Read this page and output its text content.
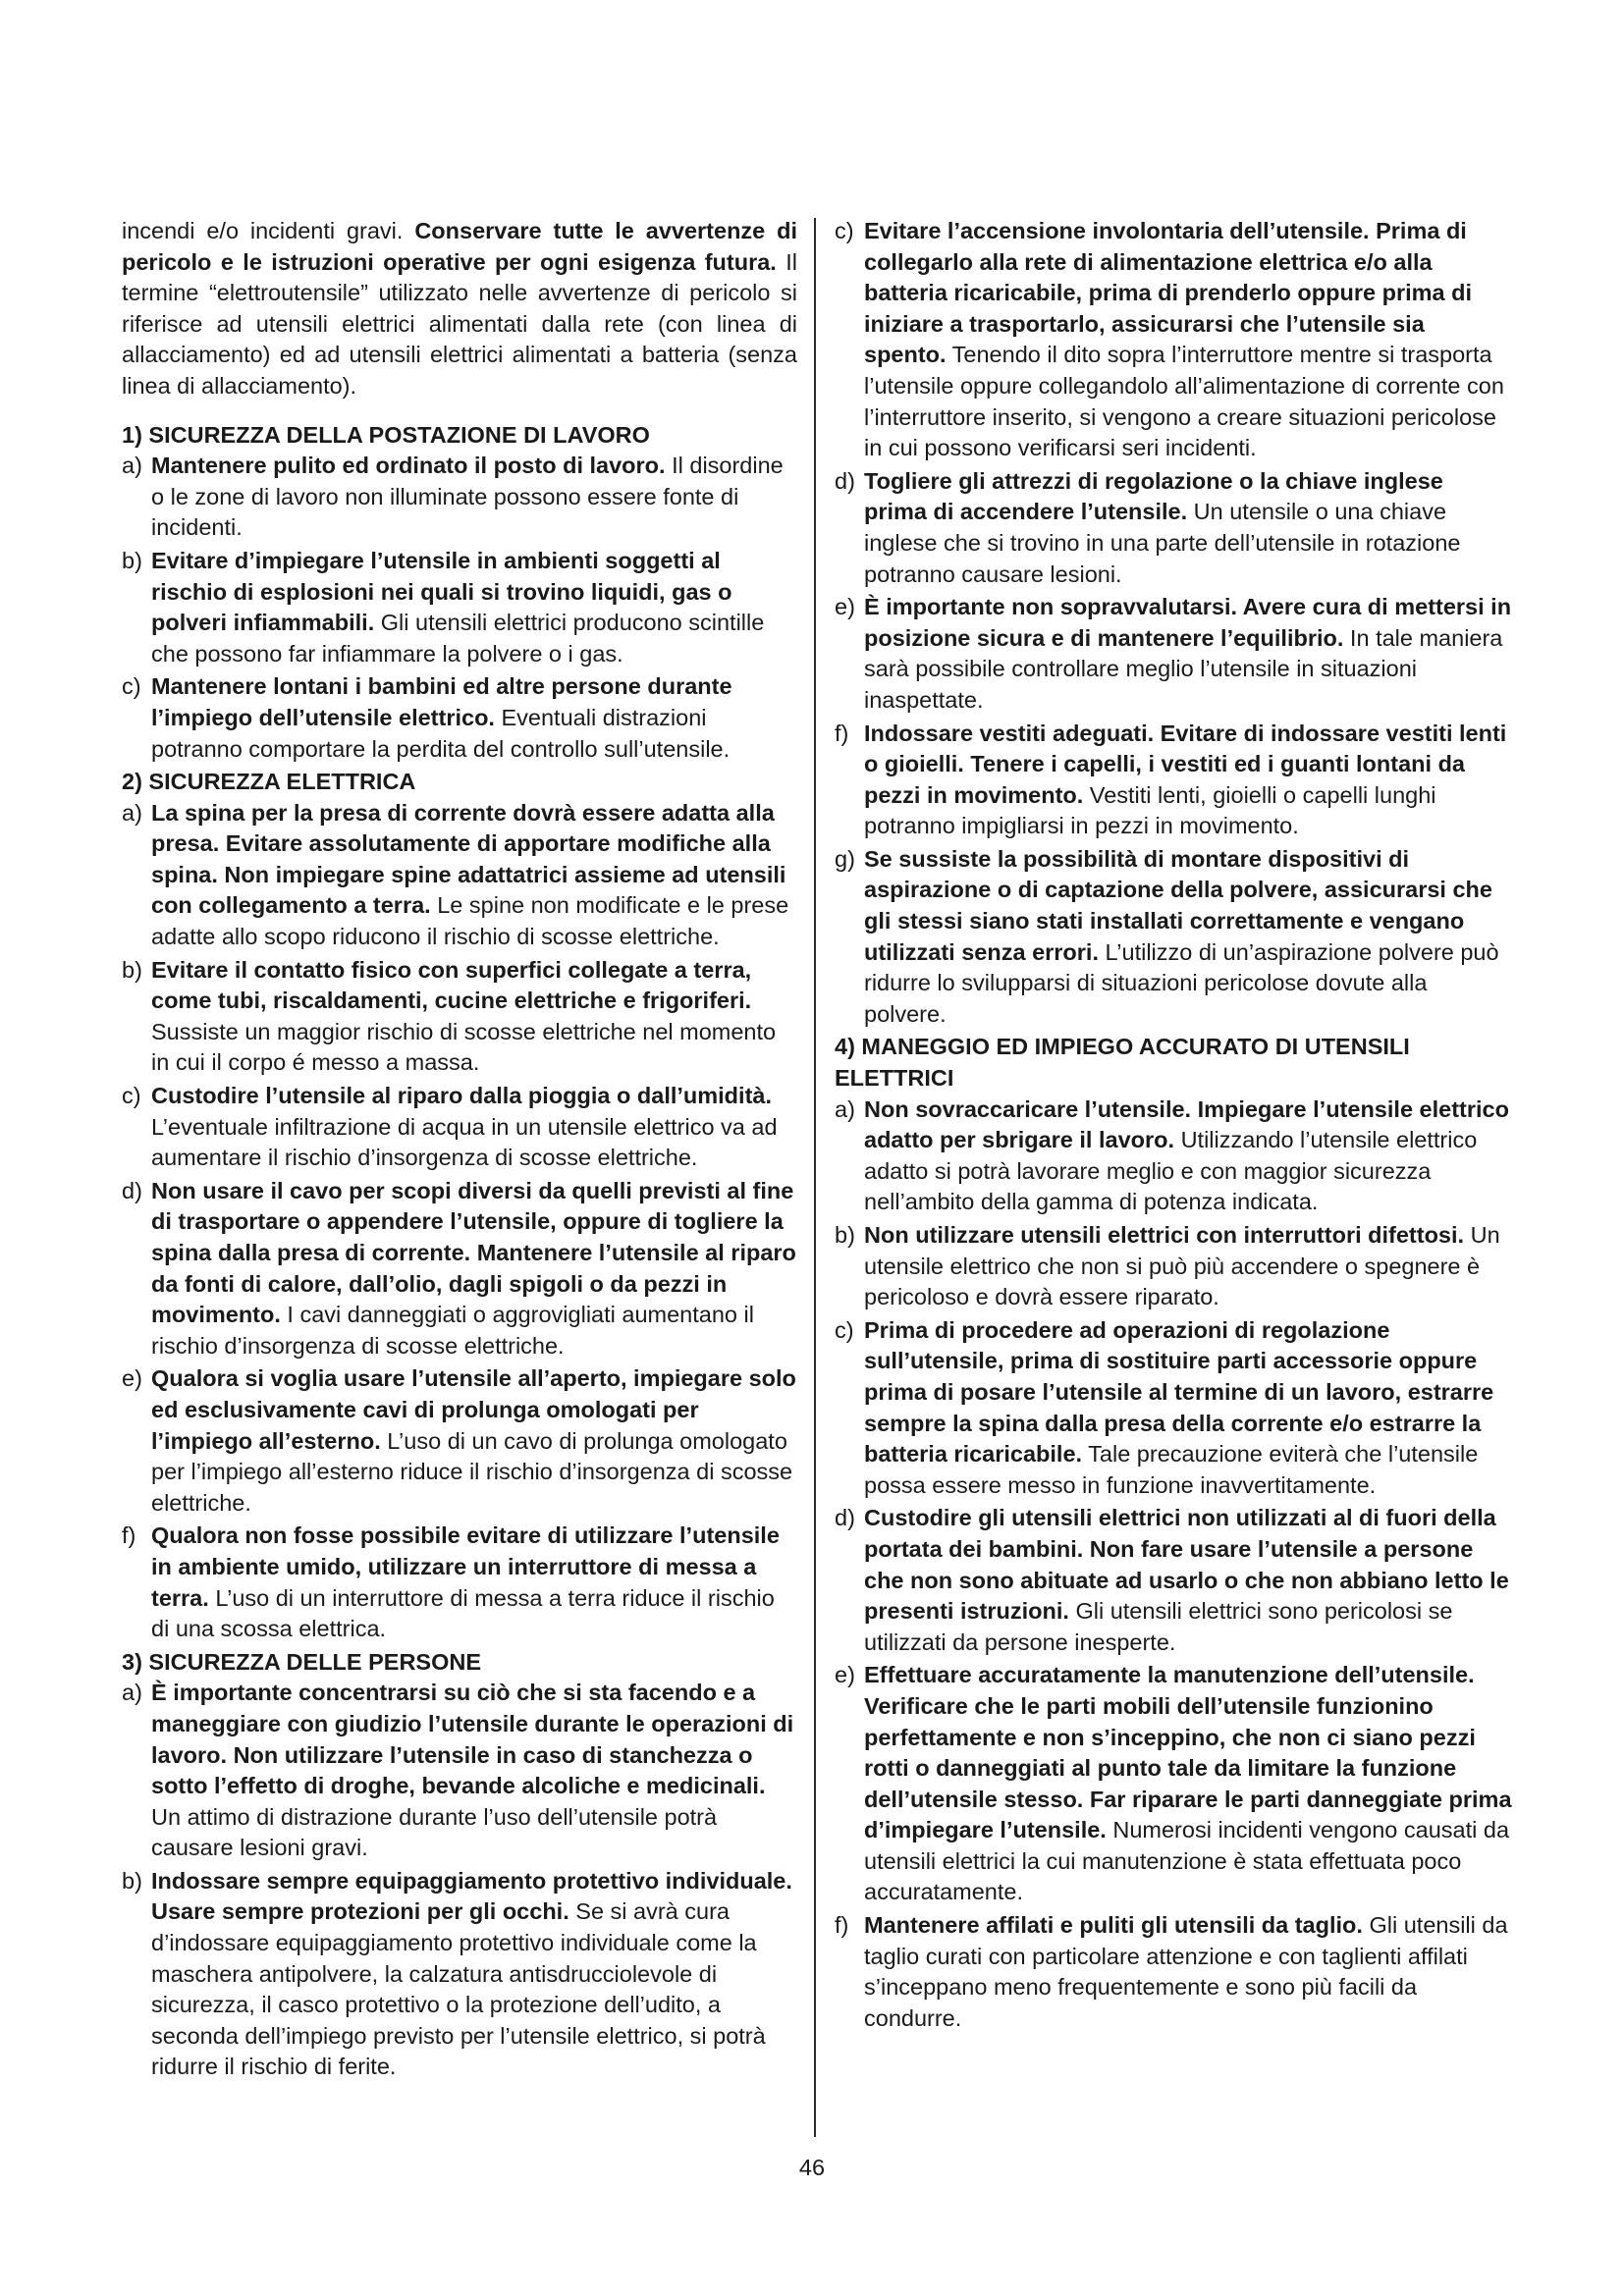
incendi e/o incidenti gravi. Conservare tutte le avvertenze di pericolo e le istruzioni operative per ogni esigenza futura. Il termine “elettroutensile” utilizzato nelle avvertenze di pericolo si riferisce ad utensili elettrici alimentati dalla rete (con linea di allacciamento) ed ad utensili elettrici alimentati a batteria (senza linea di allacciamento).

1) SICUREZZA DELLA POSTAZIONE DI LAVORO

a) Mantenere pulito ed ordinato il posto di lavoro. Il disordine o le zone di lavoro non illuminate possono essere fonte di incidenti.
b) Evitare d’impiegare l’utensile in ambienti soggetti al rischio di esplosioni nei quali si trovino liquidi, gas o polveri infiammabili. Gli utensili elettrici producono scintille che possono far infiammare la polvere o i gas.
c) Mantenere lontani i bambini ed altre persone durante l’impiego dell’utensile elettrico. Eventuali distrazioni potranno comportare la perdita del controllo sull’utensile.

2) SICUREZZA ELETTRICA

a) La spina per la presa di corrente dovrà essere adatta alla presa. Evitare assolutamente di apportare modifiche alla spina. Non impiegare spine adattatrici assieme ad utensili con collegamento a terra. Le spine non modificate e le prese adatte allo scopo riducono il rischio di scosse elettriche.
b) Evitare il contatto fisico con superfici collegate a terra, come tubi, riscaldamenti, cucine elettriche e frigoriferi. Sussiste un maggior rischio di scosse elettriche nel momento in cui il corpo é messo a massa.
c) Custodire l’utensile al riparo dalla pioggia o dall’umidità. L’eventuale infiltrazione di acqua in un utensile elettrico va ad aumentare il rischio d’insorgenza di scosse elettriche.
d) Non usare il cavo per scopi diversi da quelli previsti al fine di trasportare o appendere l’utensile, oppure di togliere la spina dalla presa di corrente. Mantenere l’utensile al riparo da fonti di calore, dall’olio, dagli spigoli o da pezzi in movimento. I cavi danneggiati o aggrovigliati aumentano il rischio d’insorgenza di scosse elettriche.
e) Qualora si voglia usare l’utensile all’aperto, impiegare solo ed esclusivamente cavi di prolunga omologati per l’impiego all’esterno. L’uso di un cavo di prolunga omologato per l’impiego all’esterno riduce il rischio d’insorgenza di scosse elettriche.
f) Qualora non fosse possibile evitare di utilizzare l’utensile in ambiente umido, utilizzare un interruttore di messa a terra. L’uso di un interruttore di messa a terra riduce il rischio di una scossa elettrica.

3) SICUREZZA DELLE PERSONE

a) È importante concentrarsi su ciò che si sta facendo e a maneggiare con giudizio l’utensile durante le operazioni di lavoro. Non utilizzare l’utensile in caso di stanchezza o sotto l’effetto di droghe, bevande alcoliche e medicinali. Un attimo di distrazione durante l’uso dell’utensile potrà causare lesioni gravi.
b) Indossare sempre equipaggiamento protettivo individuale. Usare sempre protezioni per gli occhi. Se si avrà cura d’indossare equipaggiamento protettivo individuale come la maschera antipolvere, la calzatura antisdrucciolevole di sicurezza, il casco protettivo o la protezione dell’udito, a seconda dell’impiego previsto per l’utensile elettrico, si potrà ridurre il rischio di ferite.
c) Evitare l’accensione involontaria dell’utensile. Prima di collegarlo alla rete di alimentazione elettrica e/o alla batteria ricaricabile, prima di prenderlo oppure prima di iniziare a trasportarlo, assicurarsi che l’utensile sia spento. Tenendo il dito sopra l’interruttore mentre si trasporta l’utensile oppure collegandolo all’alimentazione di corrente con l’interruttore inserito, si vengono a creare situazioni pericolose in cui possono verificarsi seri incidenti.
d) Togliere gli attrezzi di regolazione o la chiave inglese prima di accendere l’utensile. Un utensile o una chiave inglese che si trovino in una parte dell’utensile in rotazione potranno causare lesioni.
e) È importante non sopravvalutarsi. Avere cura di mettersi in posizione sicura e di mantenere l’equilibrio. In tale maniera sarà possibile controllare meglio l’utensile in situazioni inaspettate.
f) Indossare vestiti adeguati. Evitare di indossare vestiti lenti o gioielli. Tenere i capelli, i vestiti ed i guanti lontani da pezzi in movimento. Vestiti lenti, gioielli o capelli lunghi potranno impigliarsi in pezzi in movimento.
g) Se sussiste la possibilità di montare dispositivi di aspirazione o di captazione della polvere, assicurarsi che gli stessi siano stati installati correttamente e vengano utilizzati senza errori. L’utilizzo di un’aspirazione polvere può ridurre lo svilupparsi di situazioni pericolose dovute alla polvere.

4) MANEGGIO ED IMPIEGO ACCURATO DI UTENSILI ELETTRICI

a) Non sovraccaricare l’utensile. Impiegare l’utensile elettrico adatto per sbrigare il lavoro. Utilizzando l’utensile elettrico adatto si potrà lavorare meglio e con maggior sicurezza nell’ambito della gamma di potenza indicata.
b) Non utilizzare utensili elettrici con interruttori difettosi. Un utensile elettrico che non si può più accendere o spegnere è pericoloso e dovrà essere riparato.
c) Prima di procedere ad operazioni di regolazione sull’utensile, prima di sostituire parti accessorie oppure prima di posare l’utensile al termine di un lavoro, estrarre sempre la spina dalla presa della corrente e/o estrarre la batteria ricaricabile. Tale precauzione eviterà che l’utensile possa essere messo in funzione inavvertitamente.
d) Custodire gli utensili elettrici non utilizzati al di fuori della portata dei bambini. Non fare usare l’utensile a persone che non sono abituate ad usarlo o che non abbiano letto le presenti istruzioni. Gli utensili elettrici sono pericolosi se utilizzati da persone inesperte.
e) Effettuare accuratamente la manutenzione dell’utensile. Verificare che le parti mobili dell’utensile funzionino perfettamente e non s’inceppino, che non ci siano pezzi rotti o danneggiati al punto tale da limitare la funzione dell’utensile stesso. Far riparare le parti danneggiate prima d’impiegare l’utensile. Numerosi incidenti vengono causati da utensili elettrici la cui manutenzione è stata effettuata poco accuratamente.
f) Mantenere affilati e puliti gli utensili da taglio. Gli utensili da taglio curati con particolare attenzione e con taglienti affilati s’inceppano meno frequentemente e sono più facili da condurre.
46
